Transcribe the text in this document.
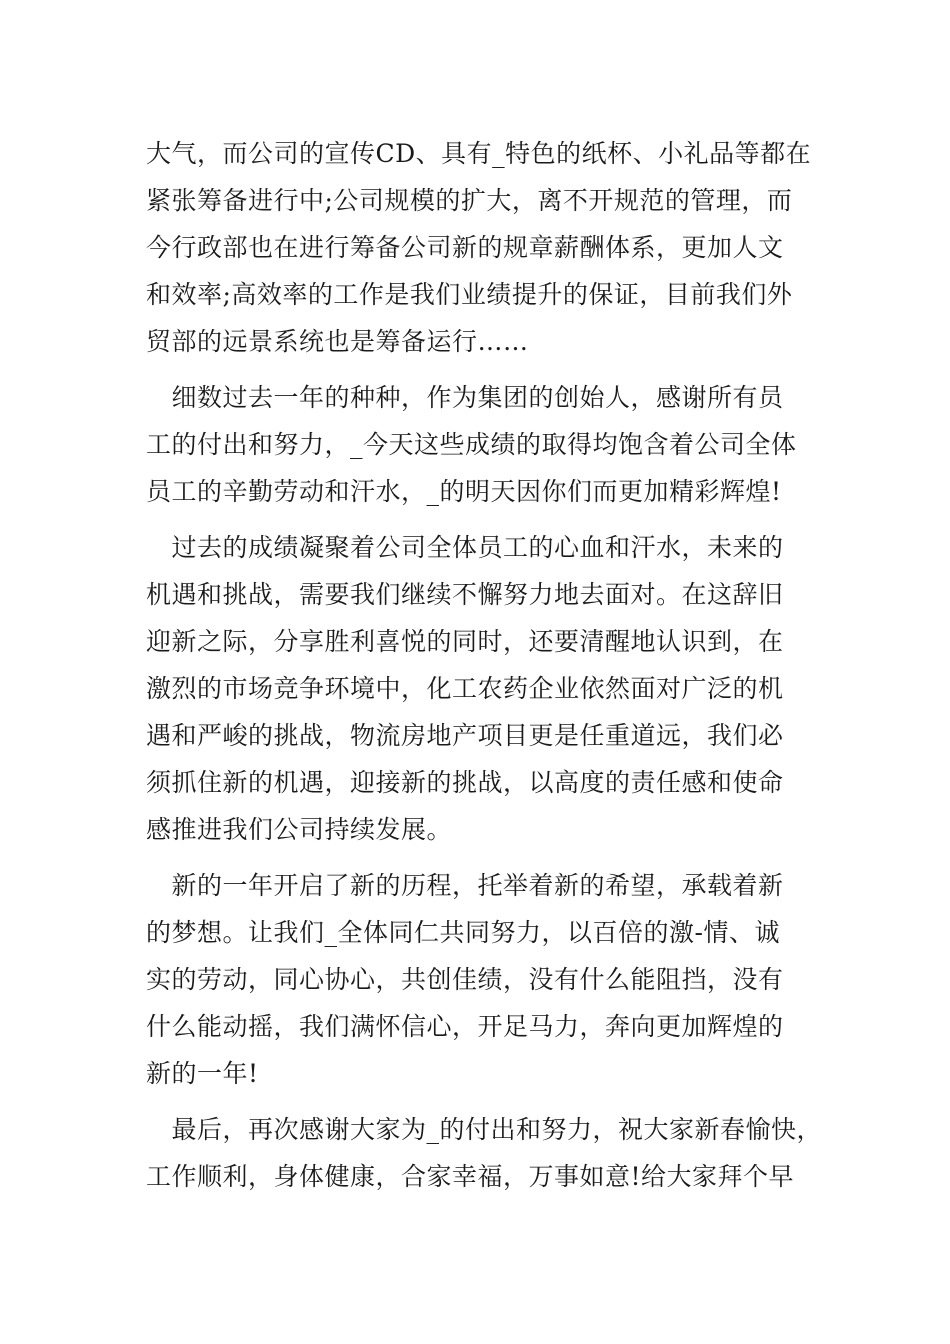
大气，而公司的宣传CD、具有_特色的纸杯、小礼品等都在
紧张筹备进行中;公司规模的扩大，离不开规范的管理，而
今行政部也在进行筹备公司新的规章薪酬体系，更加人文
和效率;高效率的工作是我们业绩提升的保证，目前我们外
贸部的远景系统也是筹备运行……
　细数过去一年的种种，作为集团的创始人，感谢所有员
工的付出和努力，_今天这些成绩的取得均饱含着公司全体
员工的辛勤劳动和汗水，_的明天因你们而更加精彩辉煌!
　过去的成绩凝聚着公司全体员工的心血和汗水，未来的
机遇和挑战，需要我们继续不懈努力地去面对。在这辞旧
迎新之际，分享胜利喜悦的同时，还要清醒地认识到，在
激烈的市场竞争环境中，化工农药企业依然面对广泛的机
遇和严峻的挑战，物流房地产项目更是任重道远，我们必
须抓住新的机遇，迎接新的挑战，以高度的责任感和使命
感推进我们公司持续发展。
　新的一年开启了新的历程，托举着新的希望，承载着新
的梦想。让我们_全体同仁共同努力，以百倍的激-情、诚
实的劳动，同心协心，共创佳绩，没有什么能阻挡，没有
什么能动摇，我们满怀信心，开足马力，奔向更加辉煌的
新的一年!
　最后，再次感谢大家为_的付出和努力，祝大家新春愉快，
工作顺利，身体健康，合家幸福，万事如意!给大家拜个早
